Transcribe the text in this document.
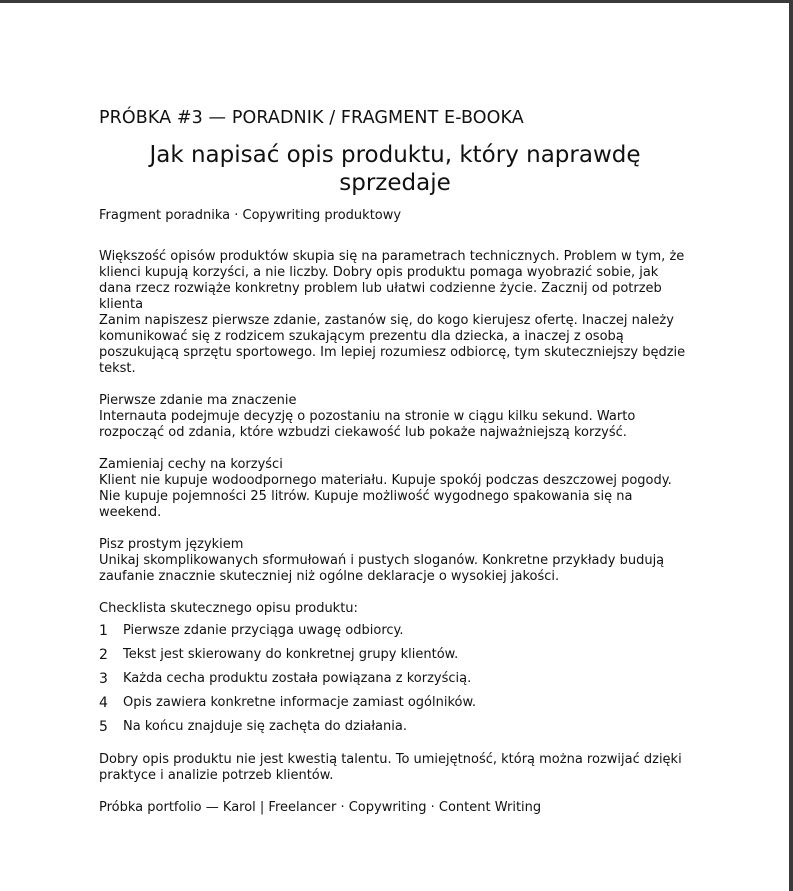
PRÓBKA #3 — PORADNIK / FRAGMENT E-BOOKA

Jak napisać opis produktu, który naprawdę sprzedaje

Fragment poradnika · Copywriting produktowy

Większość opisów produktów skupia się na parametrach technicznych. Problem w tym, że klienci kupują korzyści, a nie liczby. Dobry opis produktu pomaga wyobrazić sobie, jak dana rzecz rozwiąże konkretny problem lub ułatwi codzienne życie. Zacznij od potrzeb klienta

Zanim napiszesz pierwsze zdanie, zastanów się, do kogo kierujesz ofertę. Inaczej należy komunikować się z rodzicem szukającym prezentu dla dziecka, a inaczej z osobą poszukującą sprzętu sportowego. Im lepiej rozumiesz odbiorcę, tym skuteczniejszy będzie tekst.

Pierwsze zdanie ma znaczenie

Internauta podejmuje decyzję o pozostaniu na stronie w ciągu kilku sekund. Warto rozpocząć od zdania, które wzbudzi ciekawość lub pokaże najważniejszą korzyść.

Zamieniaj cechy na korzyści

Klient nie kupuje wodoodpornego materiału. Kupuje spokój podczas deszczowej pogody. Nie kupuje pojemności 25 litrów. Kupuje możliwość wygodnego spakowania się na weekend.

Pisz prostym językiem

Unikaj skomplikowanych sformułowań i pustych sloganów. Konkretne przykłady budują zaufanie znacznie skuteczniej niż ogólne deklaracje o wysokiej jakości.

Checklista skutecznego opisu produktu:

1	Pierwsze zdanie przyciąga uwagę odbiorcy.
2	Tekst jest skierowany do konkretnej grupy klientów.
3	Każda cecha produktu została powiązana z korzyścią.
4	Opis zawiera konkretne informacje zamiast ogólników.
5	Na końcu znajduje się zachęta do działania.

Dobry opis produktu nie jest kwestią talentu. To umiejętność, którą można rozwijać dzięki praktyce i analizie potrzeb klientów.

Próbka portfolio — Karol | Freelancer · Copywriting · Content Writing
